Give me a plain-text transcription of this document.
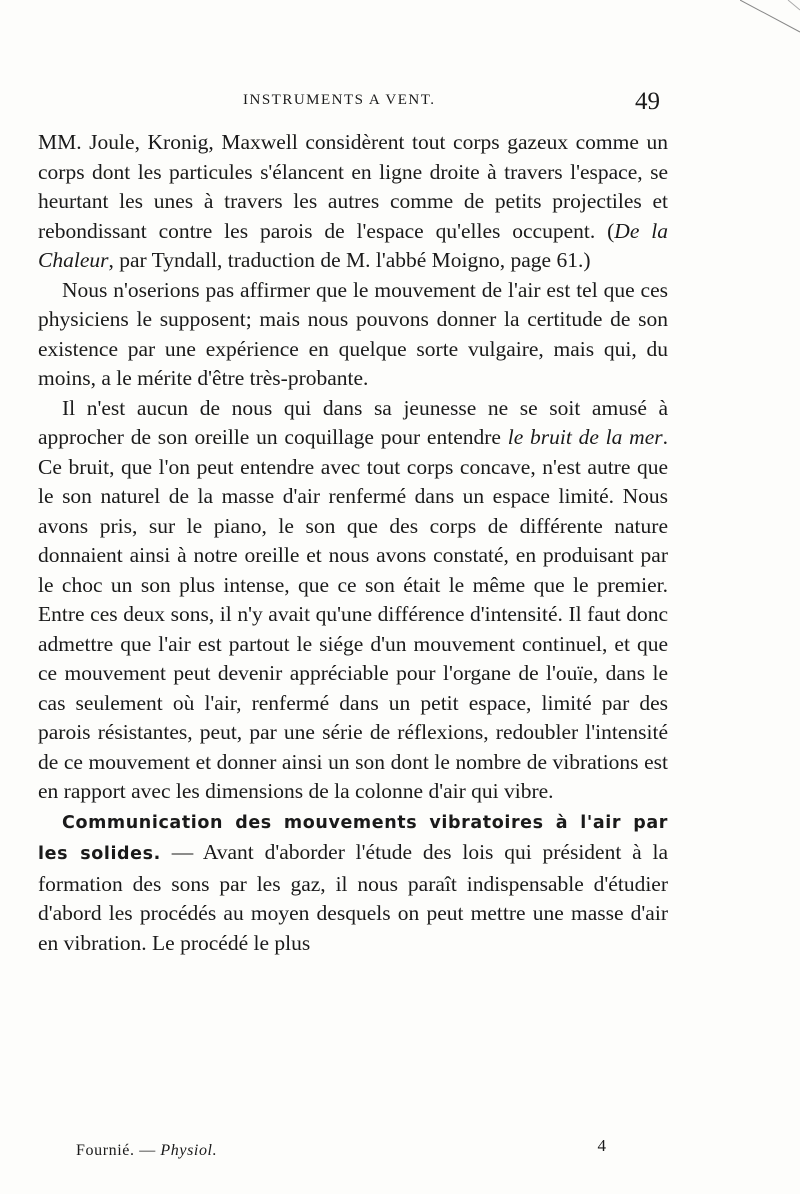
INSTRUMENTS A VENT.	49

MM. Joule, Kronig, Maxwell considèrent tout corps gazeux comme un corps dont les particules s'élancent en ligne droite à travers l'espace, se heurtant les unes à travers les autres comme de petits projectiles et rebondissant contre les parois de l'espace qu'elles occupent. (De la Chaleur, par Tyndall, traduction de M. l'abbé Moigno, page 61.)

Nous n'oserions pas affirmer que le mouvement de l'air est tel que ces physiciens le supposent; mais nous pouvons donner la certitude de son existence par une expérience en quelque sorte vulgaire, mais qui, du moins, a le mérite d'être très-probante.

Il n'est aucun de nous qui dans sa jeunesse ne se soit amusé à approcher de son oreille un coquillage pour entendre le bruit de la mer. Ce bruit, que l'on peut entendre avec tout corps concave, n'est autre que le son naturel de la masse d'air renfermé dans un espace limité. Nous avons pris, sur le piano, le son que des corps de différente nature donnaient ainsi à notre oreille et nous avons constaté, en produisant par le choc un son plus intense, que ce son était le même que le premier. Entre ces deux sons, il n'y avait qu'une différence d'intensité. Il faut donc admettre que l'air est partout le siége d'un mouvement continuel, et que ce mouvement peut devenir appréciable pour l'organe de l'ouïe, dans le cas seulement où l'air, renfermé dans un petit espace, limité par des parois résistantes, peut, par une série de réflexions, redoubler l'intensité de ce mouvement et donner ainsi un son dont le nombre de vibrations est en rapport avec les dimensions de la colonne d'air qui vibre.

Communication des mouvements vibratoires à l'air par les solides. — Avant d'aborder l'étude des lois qui président à la formation des sons par les gaz, il nous paraît indispensable d'étudier d'abord les procédés au moyen desquels on peut mettre une masse d'air en vibration. Le procédé le plus

Fournié. — Physiol.	4
